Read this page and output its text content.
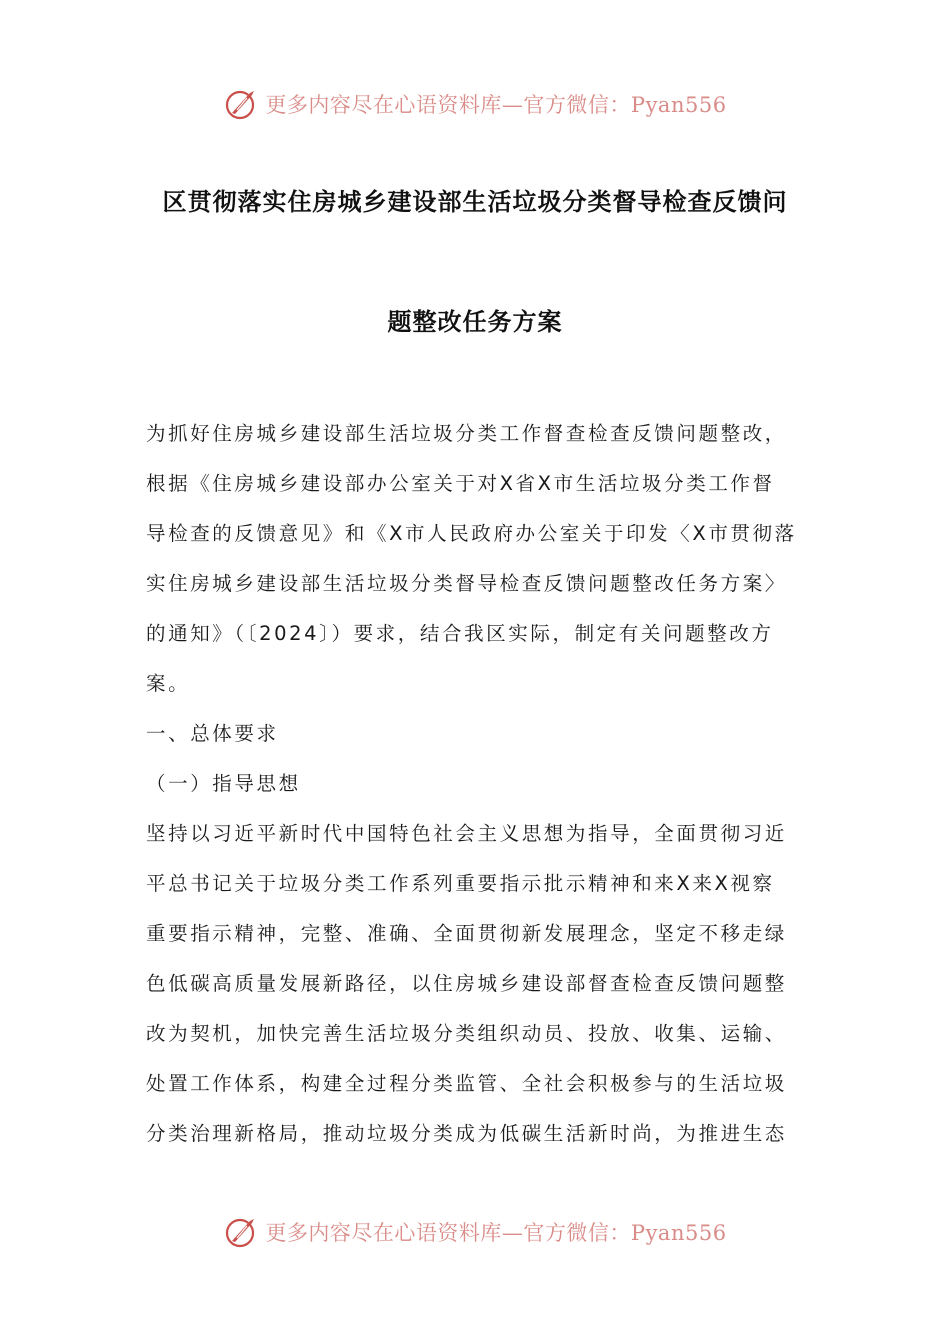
更多内容尽在心语资料库—官方微信：Pyan556
区贯彻落实住房城乡建设部生活垃圾分类督导检查反馈问
题整改任务方案
为抓好住房城乡建设部生活垃圾分类工作督查检查反馈问题整改，
根据《住房城乡建设部办公室关于对X省X市生活垃圾分类工作督
导检查的反馈意见》和《X市人民政府办公室关于印发〈X市贯彻落
实住房城乡建设部生活垃圾分类督导检查反馈问题整改任务方案〉
的通知》（〔2024〕）要求，结合我区实际，制定有关问题整改方
案。
一、总体要求
（一）指导思想
坚持以习近平新时代中国特色社会主义思想为指导，全面贯彻习近
平总书记关于垃圾分类工作系列重要指示批示精神和来X来X视察
重要指示精神，完整、准确、全面贯彻新发展理念，坚定不移走绿
色低碳高质量发展新路径，以住房城乡建设部督查检查反馈问题整
改为契机，加快完善生活垃圾分类组织动员、投放、收集、运输、
处置工作体系，构建全过程分类监管、全社会积极参与的生活垃圾
分类治理新格局，推动垃圾分类成为低碳生活新时尚，为推进生态
更多内容尽在心语资料库—官方微信：Pyan556
